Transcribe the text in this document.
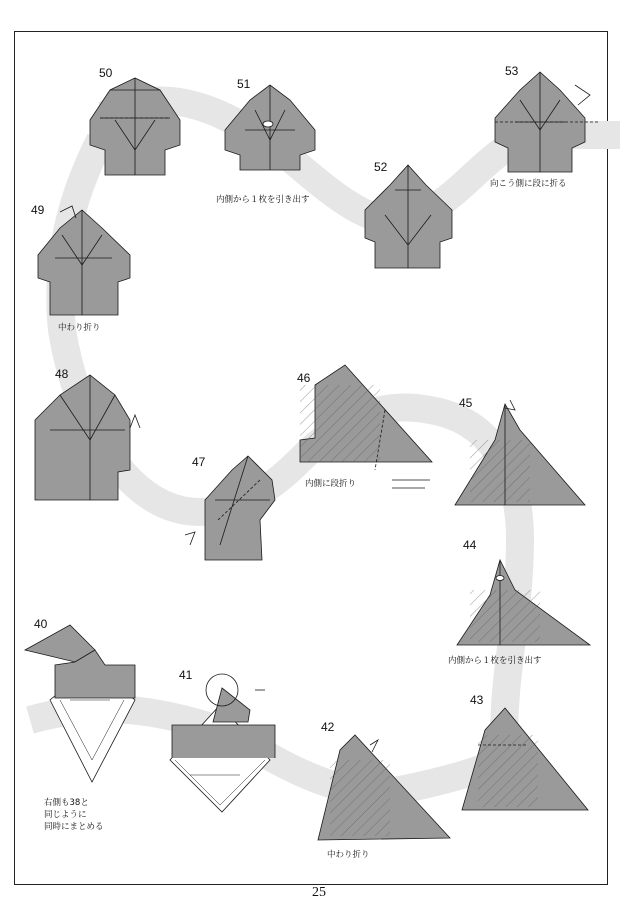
50
51
52
53
49
48	46
45
47
44
40
41
43
42
内側から１枚を引き出す
向こう側に段に折る
中わり折り
内側に段折り
内側から１枚を引き出す
右側も38と
同じように
同時にまとめる
中わり折り
25
